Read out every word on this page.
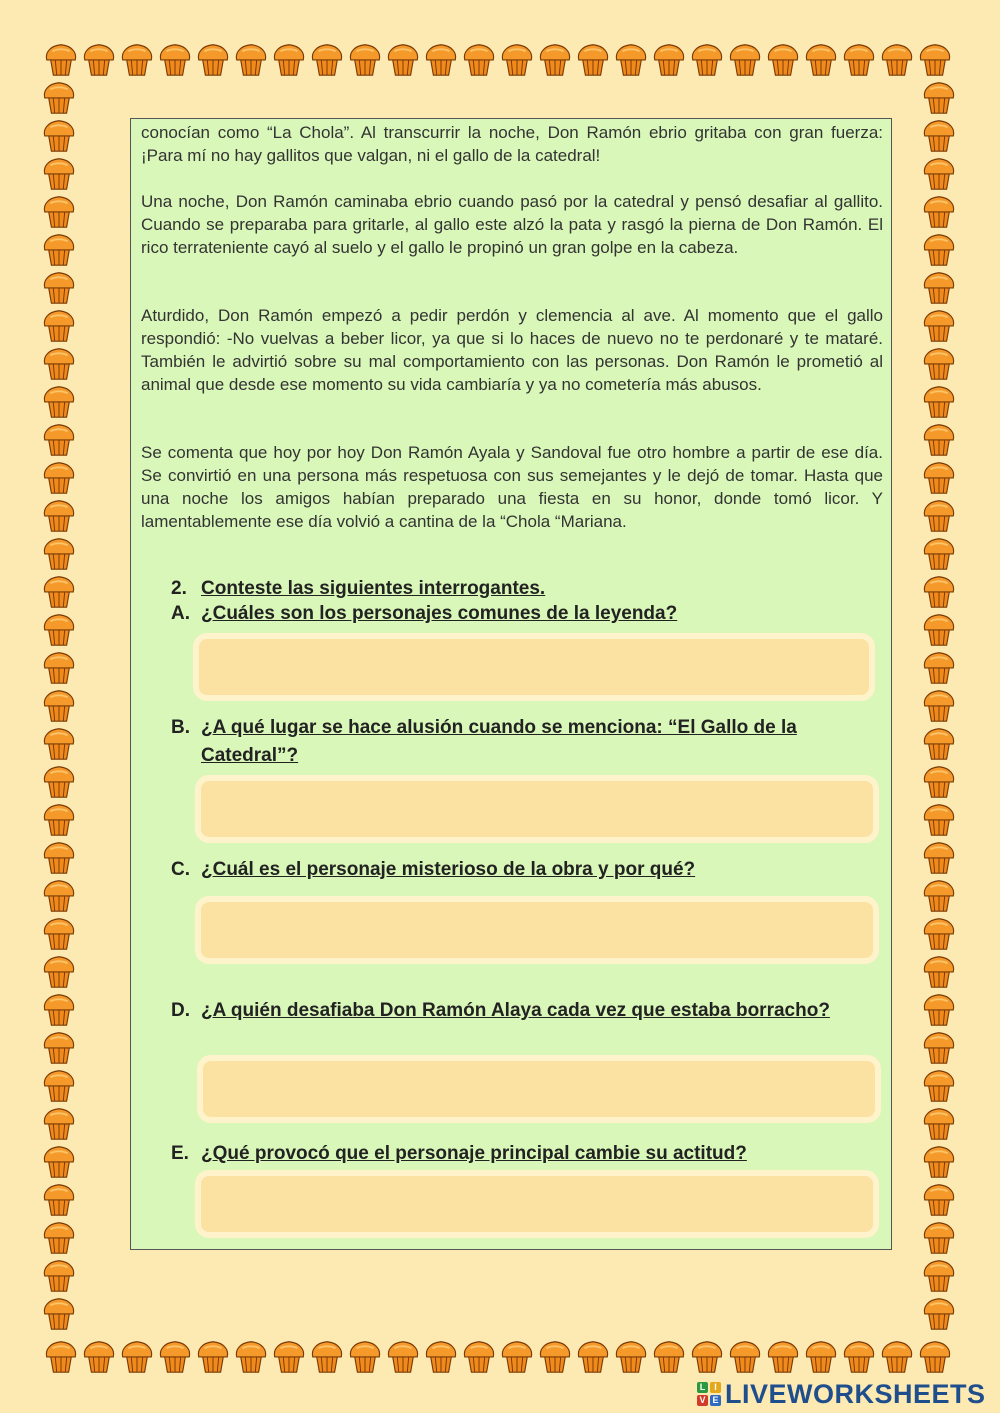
conocían como “La Chola”. Al transcurrir la noche, Don Ramón ebrio gritaba con gran fuerza: ¡Para mí no hay gallitos que valgan, ni el gallo de la catedral!
Una noche, Don Ramón caminaba ebrio cuando pasó por la catedral y pensó desafiar al gallito. Cuando se preparaba para gritarle, al gallo este alzó la pata y rasgó la pierna de Don Ramón. El rico terrateniente cayó al suelo y el gallo le propinó un gran golpe en la cabeza.
Aturdido, Don Ramón empezó a pedir perdón y clemencia al ave. Al momento que el gallo respondió: -No vuelvas a beber licor, ya que si lo haces de nuevo no te perdonaré y te mataré. También le advirtió sobre su mal comportamiento con las personas. Don Ramón le prometió al animal que desde ese momento su vida cambiaría y ya no cometería más abusos.
Se comenta que hoy por hoy Don Ramón Ayala y Sandoval fue otro hombre a partir de ese día. Se convirtió en una persona más respetuosa con sus semejantes y le dejó de tomar. Hasta que una noche los amigos habían preparado una fiesta en su honor, donde tomó licor. Y lamentablemente ese día volvió a cantina de la “Chola “Mariana.
2. Conteste las siguientes interrogantes.
A. ¿Cuáles son los personajes comunes de la leyenda?
B. ¿A qué lugar se hace alusión cuando se menciona: “El Gallo de la Catedral”?
C. ¿Cuál es el personaje misterioso de la obra y por qué?
D. ¿A quién desafiaba Don Ramón Alaya cada vez que estaba borracho?
E. ¿Qué provocó que el personaje principal cambie su actitud?
L I
V E LIVEWORKSHEETS
